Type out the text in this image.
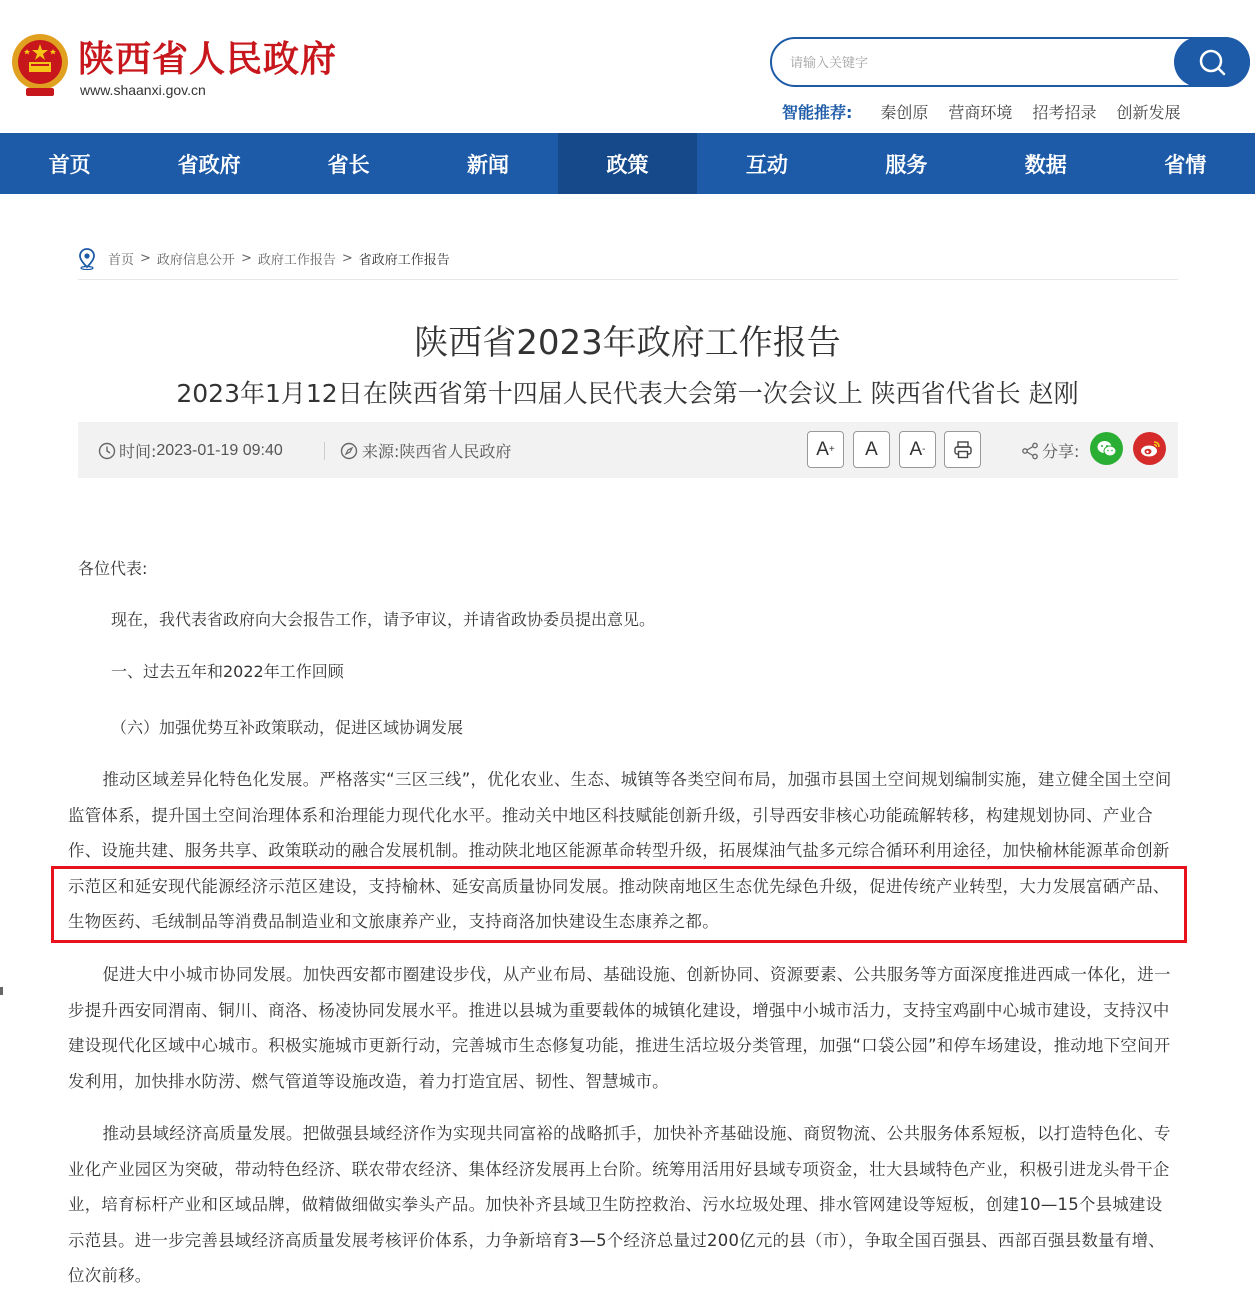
陕西省人民政府
www.shaanxi.gov.cn
请输入关键字
智能推荐: 秦创原 营商环境 招考招录 创新发展
首页	省政府	省长	新闻	政策	互动	服务	数据	省情
首页 > 政府信息公开 > 政府工作报告 > 省政府工作报告
陕西省2023年政府工作报告
2023年1月12日在陕西省第十四届人民代表大会第一次会议上 陕西省代省长 赵刚
时间: 2023-01-19 09:40	来源: 陕西省人民政府	A + A A -	分享:
各位代表:
现在，我代表省政府向大会报告工作，请予审议，并请省政协委员提出意见。
一、过去五年和2022年工作回顾
（六）加强优势互补政策联动，促进区域协调发展
推动区域差异化特色化发展。严格落实“三区三线”，优化农业、生态、城镇等各类空间布局，加强市县国土空间规划编制实施，建立健全国土空间监管体系，提升国土空间治理体系和治理能力现代化水平。推动关中地区科技赋能创新升级，引导西安非核心功能疏解转移，构建规划协同、产业合作、设施共建、服务共享、政策联动的融合发展机制。推动陕北地区能源革命转型升级，拓展煤油气盐多元综合循环利用途径，加快榆林能源革命创新示范区和延安现代能源经济示范区建设，支持榆林、延安高质量协同发展。推动陕南地区生态优先绿色升级，促进传统产业转型，大力发展富硒产品、生物医药、毛绒制品等消费品制造业和文旅康养产业，支持商洛加快建设生态康养之都。
促进大中小城市协同发展。加快西安都市圈建设步伐，从产业布局、基础设施、创新协同、资源要素、公共服务等方面深度推进西咸一体化，进一步提升西安同渭南、铜川、商洛、杨凌协同发展水平。推进以县城为重要载体的城镇化建设，增强中小城市活力，支持宝鸡副中心城市建设，支持汉中建设现代化区域中心城市。积极实施城市更新行动，完善城市生态修复功能，推进生活垃圾分类管理，加强“口袋公园”和停车场建设，推动地下空间开发利用，加快排水防涝、燃气管道等设施改造，着力打造宜居、韧性、智慧城市。
推动县域经济高质量发展。把做强县域经济作为实现共同富裕的战略抓手，加快补齐基础设施、商贸物流、公共服务体系短板，以打造特色化、专业化产业园区为突破，带动特色经济、联农带农经济、集体经济发展再上台阶。统筹用活用好县域专项资金，壮大县域特色产业，积极引进龙头骨干企业，培育标杆产业和区域品牌，做精做细做实拳头产品。加快补齐县域卫生防控救治、污水垃圾处理、排水管网建设等短板，创建10—15个县城建设示范县。进一步完善县域经济高质量发展考核评价体系，力争新培育3—5个经济总量过200亿元的县（市），争取全国百强县、西部百强县数量有增、位次前移。
